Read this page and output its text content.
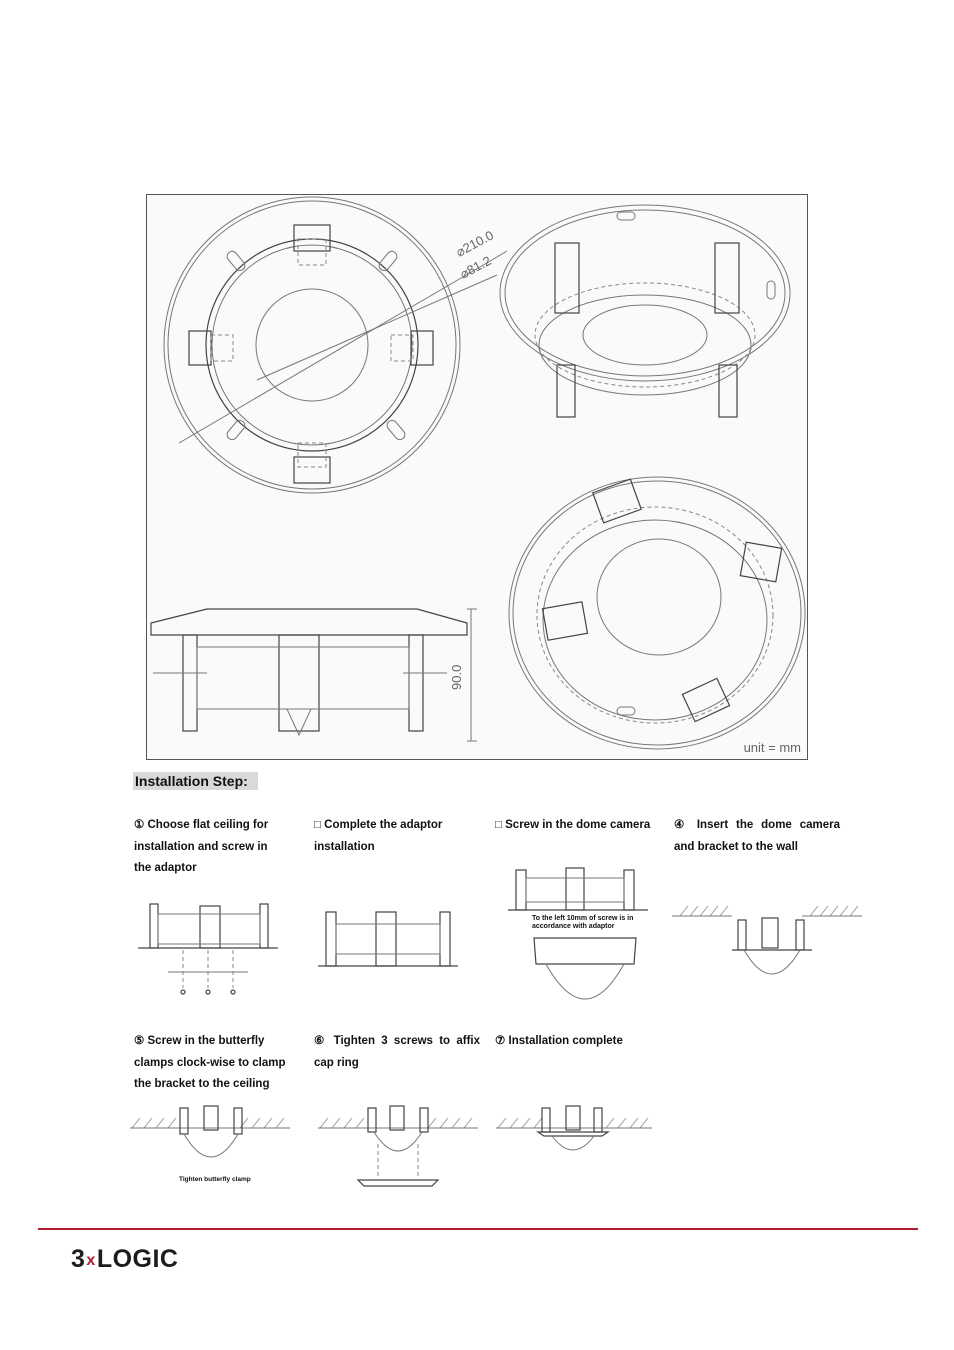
90.0
⌀210.0
⌀81.2
unit = mm
Installation Step:
① Choose flat ceiling for installation and screw in the adaptor
□ Complete the adaptor installation
□ Screw in the dome camera	④ Insert the dome camera and bracket to the wall
To the left 10mm of screw is in accordance with adaptor
⑤ Screw in the butterfly clamps clock-wise to clamp the bracket to the ceiling
⑥ Tighten 3 screws to affix cap ring
⑦ Installation complete
Tighten butterfly clamp
3xLOGIC
